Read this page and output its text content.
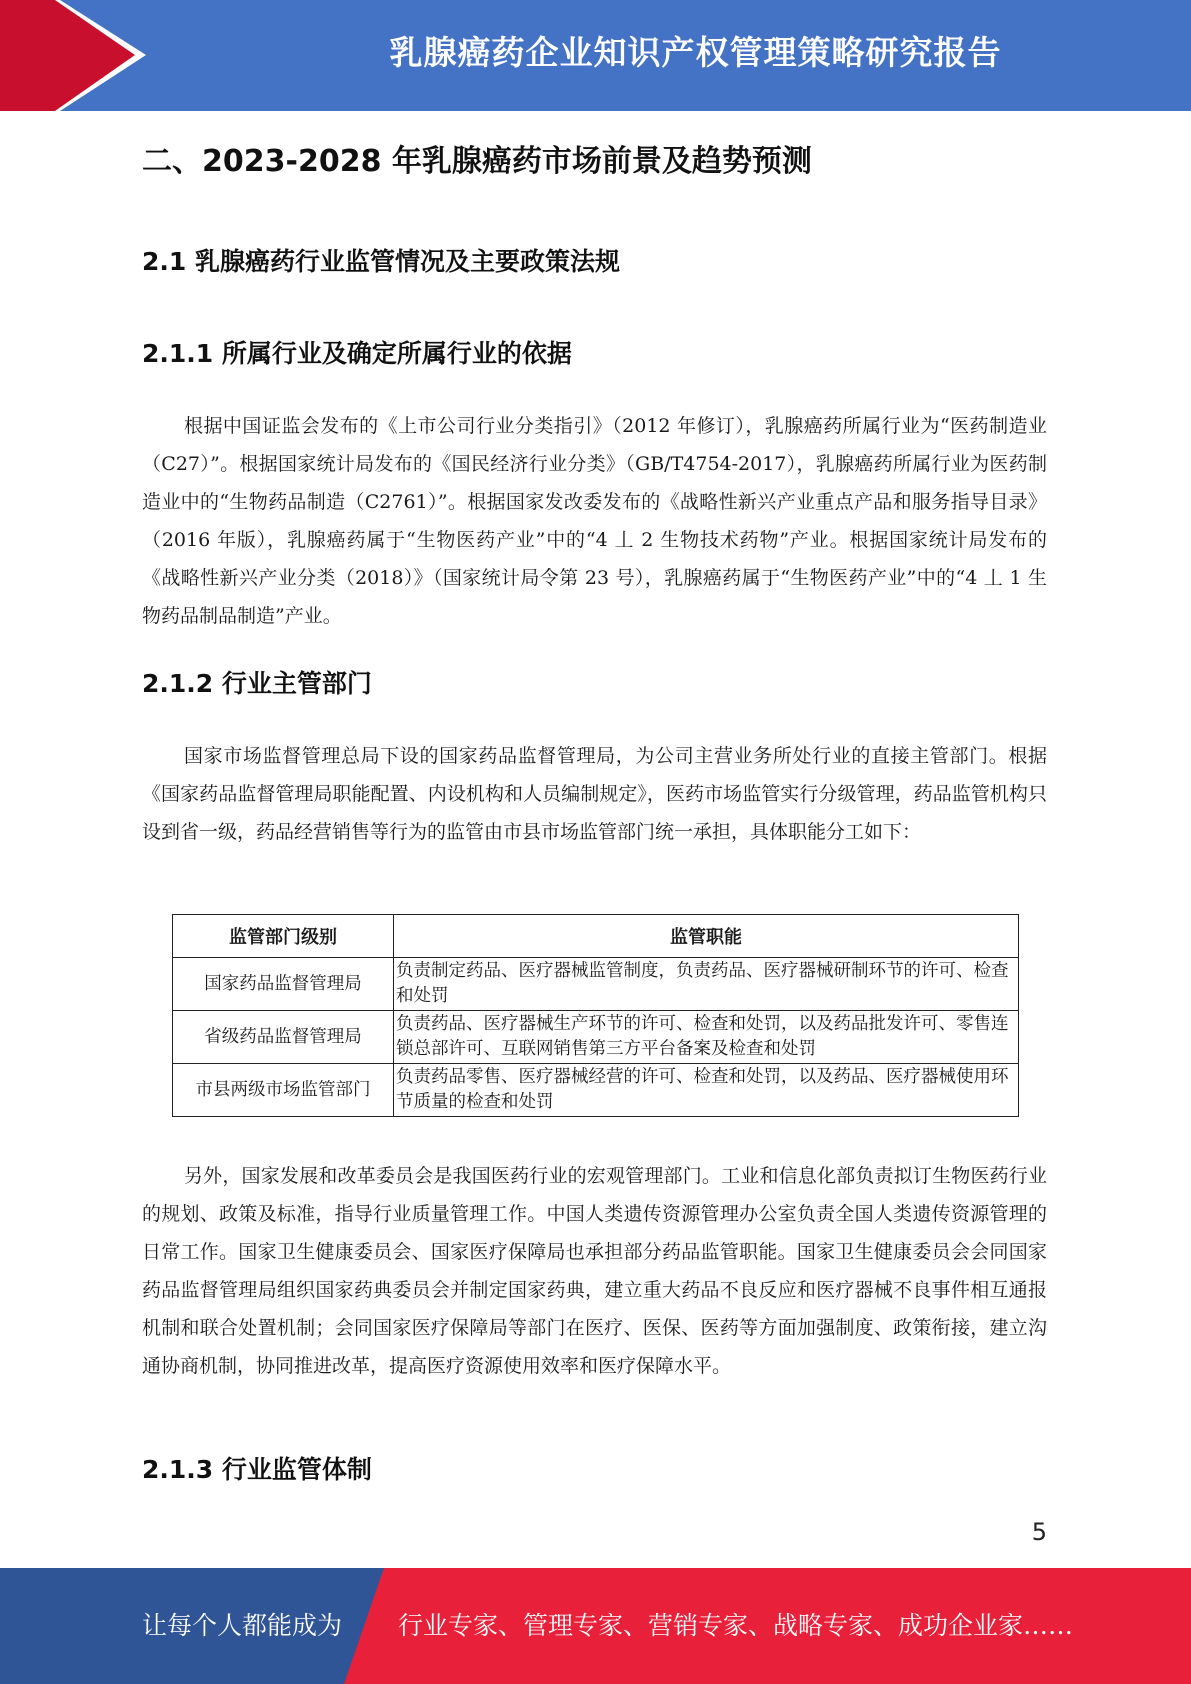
乳腺癌药企业知识产权管理策略研究报告
二、2023-2028 年乳腺癌药市场前景及趋势预测
2.1 乳腺癌药行业监管情况及主要政策法规
2.1.1 所属行业及确定所属行业的依据

根据中国证监会发布的《上市公司行业分类指引》（2012 年修订），乳腺癌药所属行业为“医药制造业（C27）”。根据国家统计局发布的《国民经济行业分类》（GB/T4754-2017），乳腺癌药所属行业为医药制造业中的“生物药品制造（C2761）”。根据国家发改委发布的《战略性新兴产业重点产品和服务指导目录》（2016 年版），乳腺癌药属于“生物医药产业”中的“4 丄 2 生物技术药物”产业。根据国家统计局发布的《战略性新兴产业分类（2018）》（国家统计局令第 23 号），乳腺癌药属于“生物医药产业”中的“4 丄 1 生物药品制品制造”产业。

2.1.2 行业主管部门

国家市场监督管理总局下设的国家药品监督管理局，为公司主营业务所处行业的直接主管部门。根据《国家药品监督管理局职能配置、内设机构和人员编制规定》，医药市场监管实行分级管理，药品监管机构只设到省一级，药品经营销售等行为的监管由市县市场监管部门统一承担，具体职能分工如下：

监管部门级别	监管职能
国家药品监督管理局	负责制定药品、医疗器械监管制度，负责药品、医疗器械研制环节的许可、检查和处罚
省级药品监督管理局	负责药品、医疗器械生产环节的许可、检查和处罚，以及药品批发许可、零售连锁总部许可、互联网销售第三方平台备案及检查和处罚
市县两级市场监管部门	负责药品零售、医疗器械经营的许可、检查和处罚，以及药品、医疗器械使用环节质量的检查和处罚

另外，国家发展和改革委员会是我国医药行业的宏观管理部门。工业和信息化部负责拟订生物医药行业的规划、政策及标准，指导行业质量管理工作。中国人类遗传资源管理办公室负责全国人类遗传资源管理的日常工作。国家卫生健康委员会、国家医疗保障局也承担部分药品监管职能。国家卫生健康委员会会同国家药品监督管理局组织国家药典委员会并制定国家药典，建立重大药品不良反应和医疗器械不良事件相互通报机制和联合处置机制；会同国家医疗保障局等部门在医疗、医保、医药等方面加强制度、政策衔接，建立沟通协商机制，协同推进改革，提高医疗资源使用效率和医疗保障水平。

2.1.3 行业监管体制
5
让每个人都能成为 行业专家、管理专家、营销专家、战略专家、成功企业家……
